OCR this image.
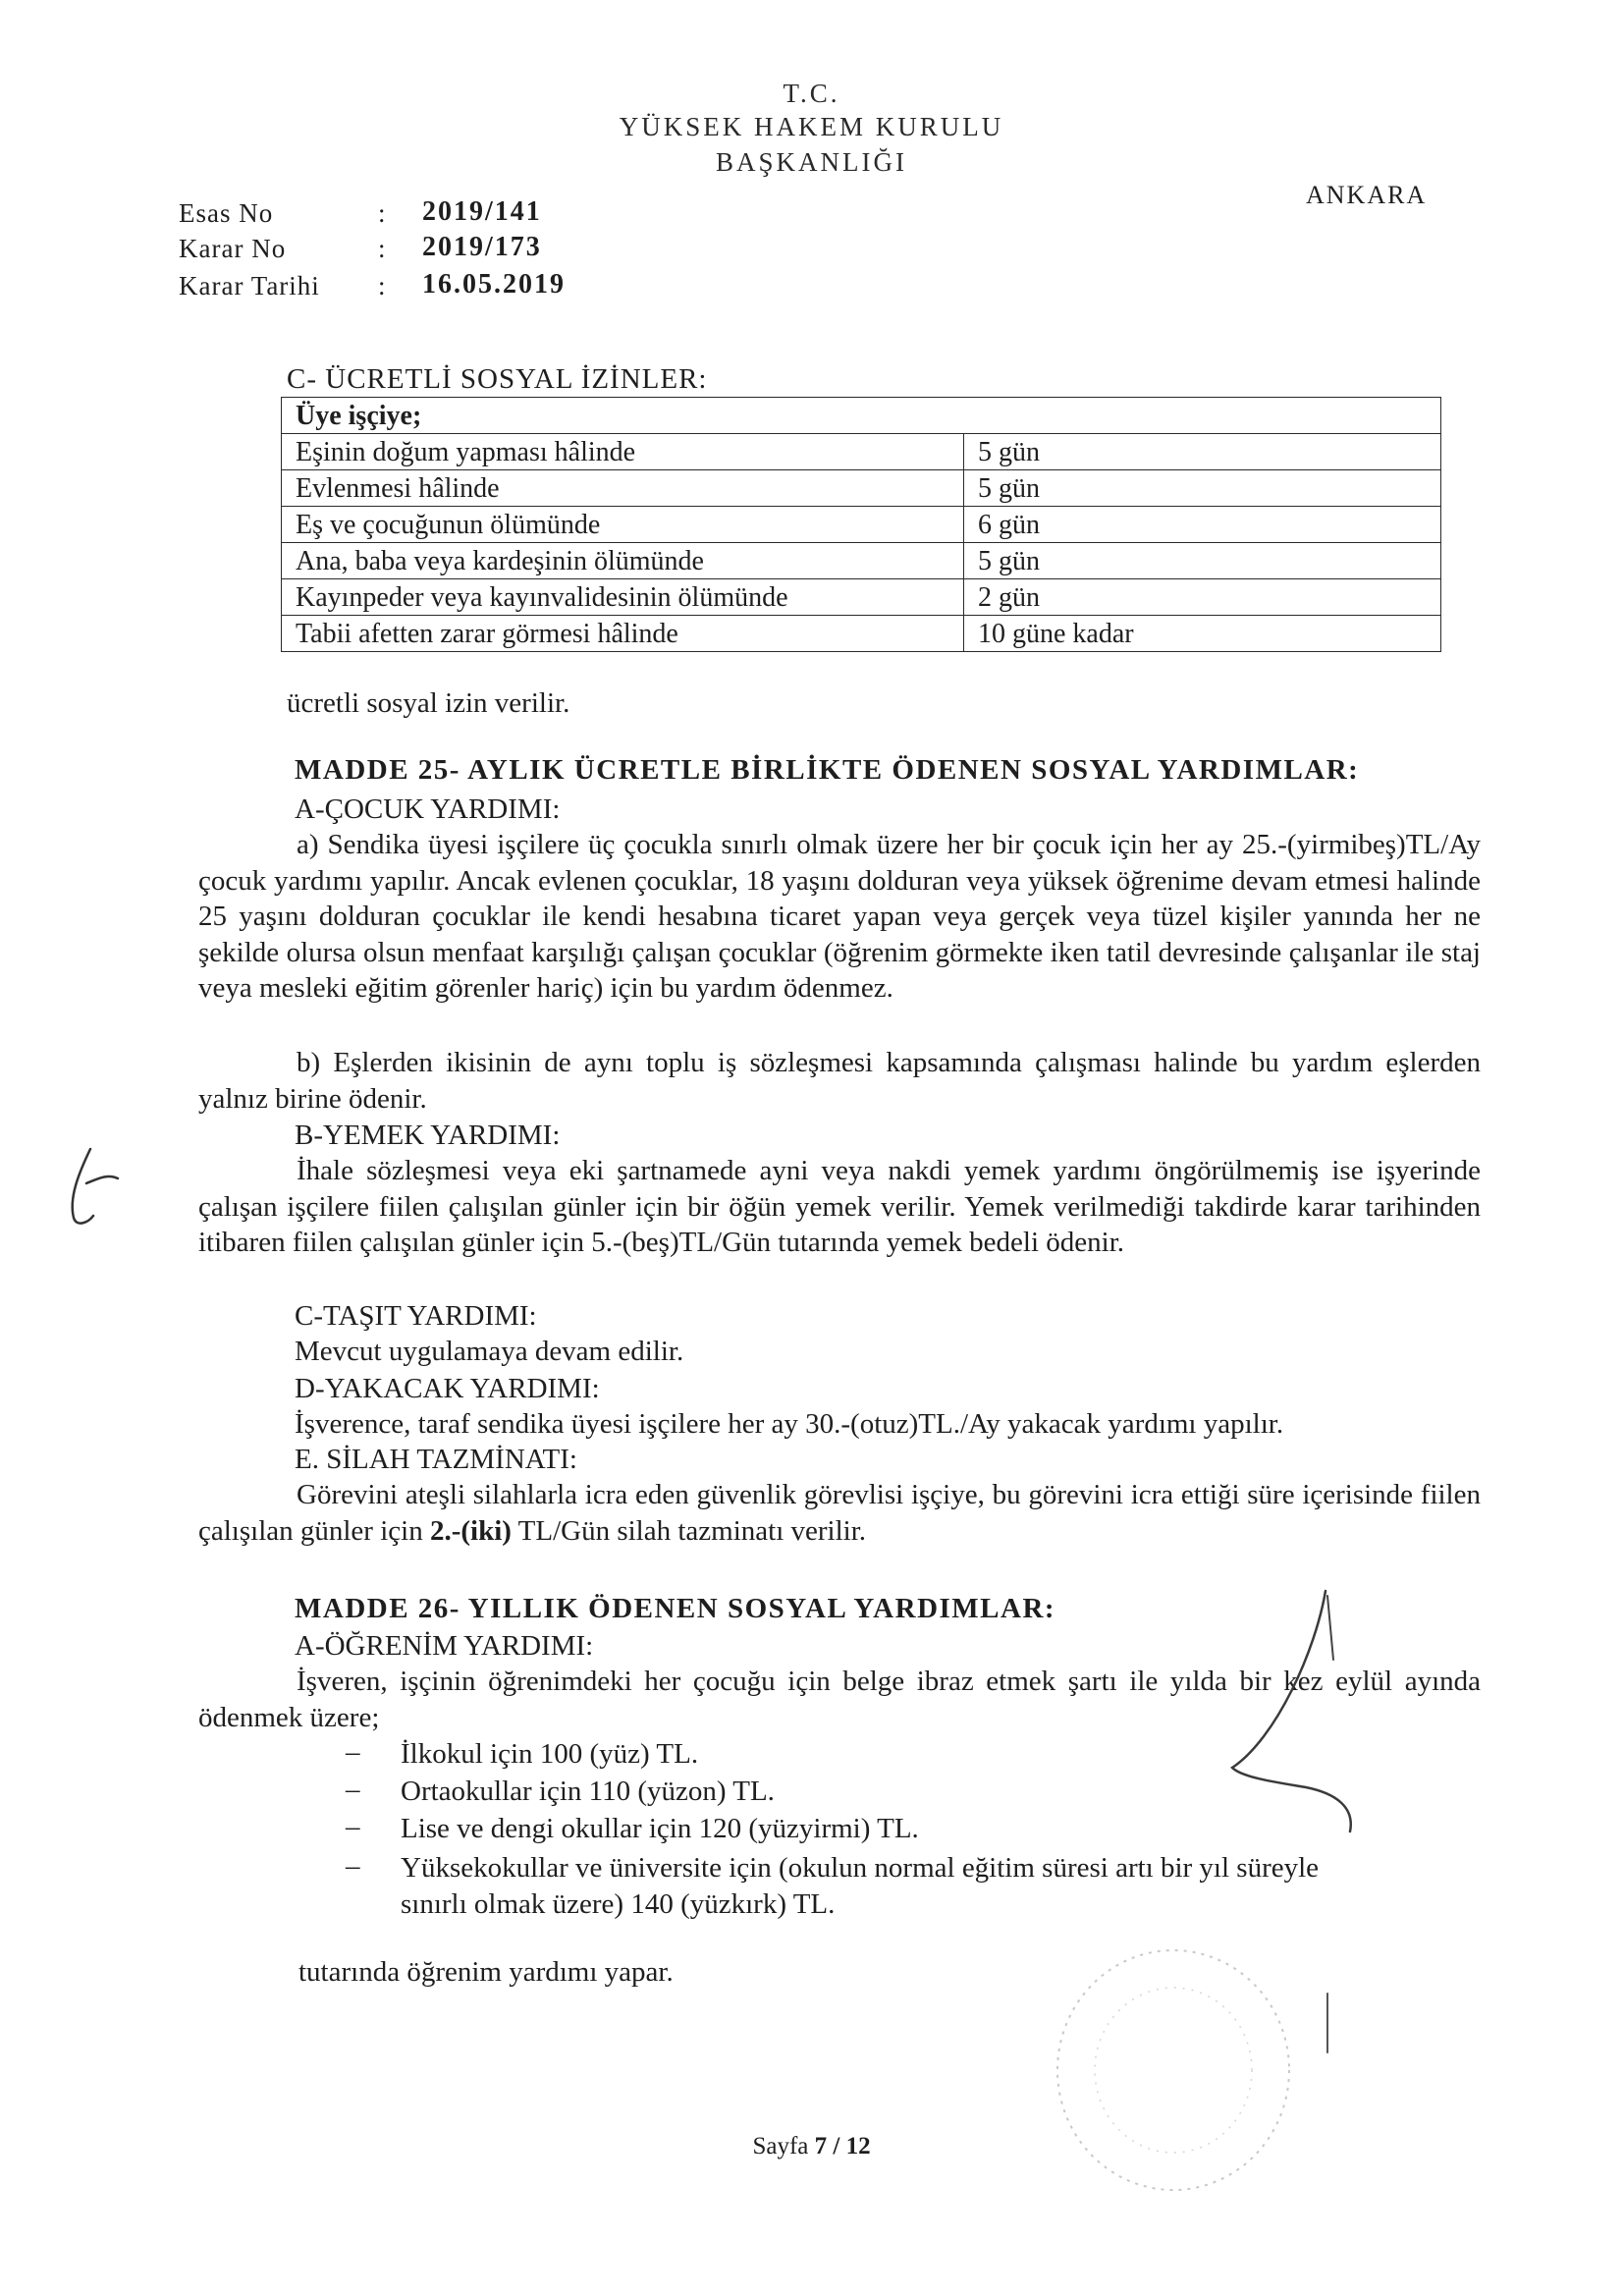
T.C.
YÜKSEK HAKEM KURULU
BAŞKANLIĞI
ANKARA
Esas No	: 2019/141
Karar No	: 2019/173
Karar Tarihi : 16.05.2019
C- ÜCRETLİ SOSYAL İZİNLER:
Üye işçiye;	
Eşinin doğum yapması hâlinde	5 gün
Evlenmesi hâlinde	5 gün
Eş ve çocuğunun ölümünde	6 gün
Ana, baba veya kardeşinin ölümünde	5 gün
Kayınpeder veya kayınvalidesinin ölümünde	2 gün
Tabii afetten zarar görmesi hâlinde	10 güne kadar
ücretli sosyal izin verilir.
MADDE 25- AYLIK ÜCRETLE BİRLİKTE ÖDENEN SOSYAL YARDIMLAR:
A-ÇOCUK YARDIMI:
a) Sendika üyesi işçilere üç çocukla sınırlı olmak üzere her bir çocuk için her ay 25.-(yirmibeş)TL/Ay çocuk yardımı yapılır. Ancak evlenen çocuklar, 18 yaşını dolduran veya yüksek öğrenime devam etmesi halinde 25 yaşını dolduran çocuklar ile kendi hesabına ticaret yapan veya gerçek veya tüzel kişiler yanında her ne şekilde olursa olsun menfaat karşılığı çalışan çocuklar (öğrenim görmekte iken tatil devresinde çalışanlar ile staj veya mesleki eğitim görenler hariç) için bu yardım ödenmez.
b) Eşlerden ikisinin de aynı toplu iş sözleşmesi kapsamında çalışması halinde bu yardım eşlerden yalnız birine ödenir.
B-YEMEK YARDIMI:
İhale sözleşmesi veya eki şartnamede ayni veya nakdi yemek yardımı öngörülmemiş ise işyerinde çalışan işçilere fiilen çalışılan günler için bir öğün yemek verilir. Yemek verilmediği takdirde karar tarihinden itibaren fiilen çalışılan günler için 5.-(beş)TL/Gün tutarında yemek bedeli ödenir.
C-TAŞIT YARDIMI:
Mevcut uygulamaya devam edilir.
D-YAKACAK YARDIMI:
İşverence, taraf sendika üyesi işçilere her ay 30.-(otuz)TL./Ay yakacak yardımı yapılır.
E. SİLAH TAZMİNATI:
Görevini ateşli silahlarla icra eden güvenlik görevlisi işçiye, bu görevini icra ettiği süre içerisinde fiilen çalışılan günler için 2.-(iki) TL/Gün silah tazminatı verilir.
MADDE 26- YILLIK ÖDENEN SOSYAL YARDIMLAR:
A-ÖĞRENİM YARDIMI:
İşveren, işçinin öğrenimdeki her çocuğu için belge ibraz etmek şartı ile yılda bir kez eylül ayında ödenmek üzere;
– İlkokul için 100 (yüz) TL.
– Ortaokullar için 110 (yüzon) TL.
– Lise ve dengi okullar için 120 (yüzyirmi) TL.
– Yüksekokullar ve üniversite için (okulun normal eğitim süresi artı bir yıl süreyle
sınırlı olmak üzere) 140 (yüzkırk) TL.
tutarında öğrenim yardımı yapar.
Sayfa 7 / 12
